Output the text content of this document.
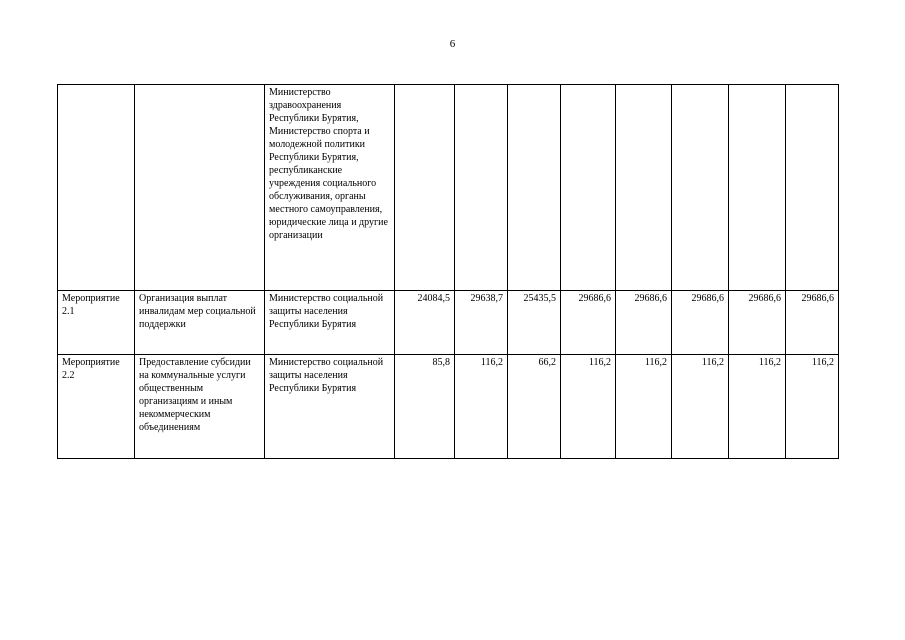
6
		Министерство здравоохранения Республики Бурятия, Министерство спорта и молодежной политики Республики Бурятия, республиканские учреждения социального обслуживания, органы местного самоуправления, юридические лица и другие организации								
Мероприятие 2.1	Организация выплат инвалидам мер социальной поддержки	Министерство социальной защиты населения Республики Бурятия	24084,5	29638,7	25435,5	29686,6	29686,6	29686,6	29686,6	29686,6
Мероприятие 2.2	Предоставление субсидии на коммунальные услуги общественным организациям и иным некоммерческим объединениям	Министерство социальной защиты населения Республики Бурятия	85,8	116,2	66,2	116,2	116,2	116,2	116,2	116,2
